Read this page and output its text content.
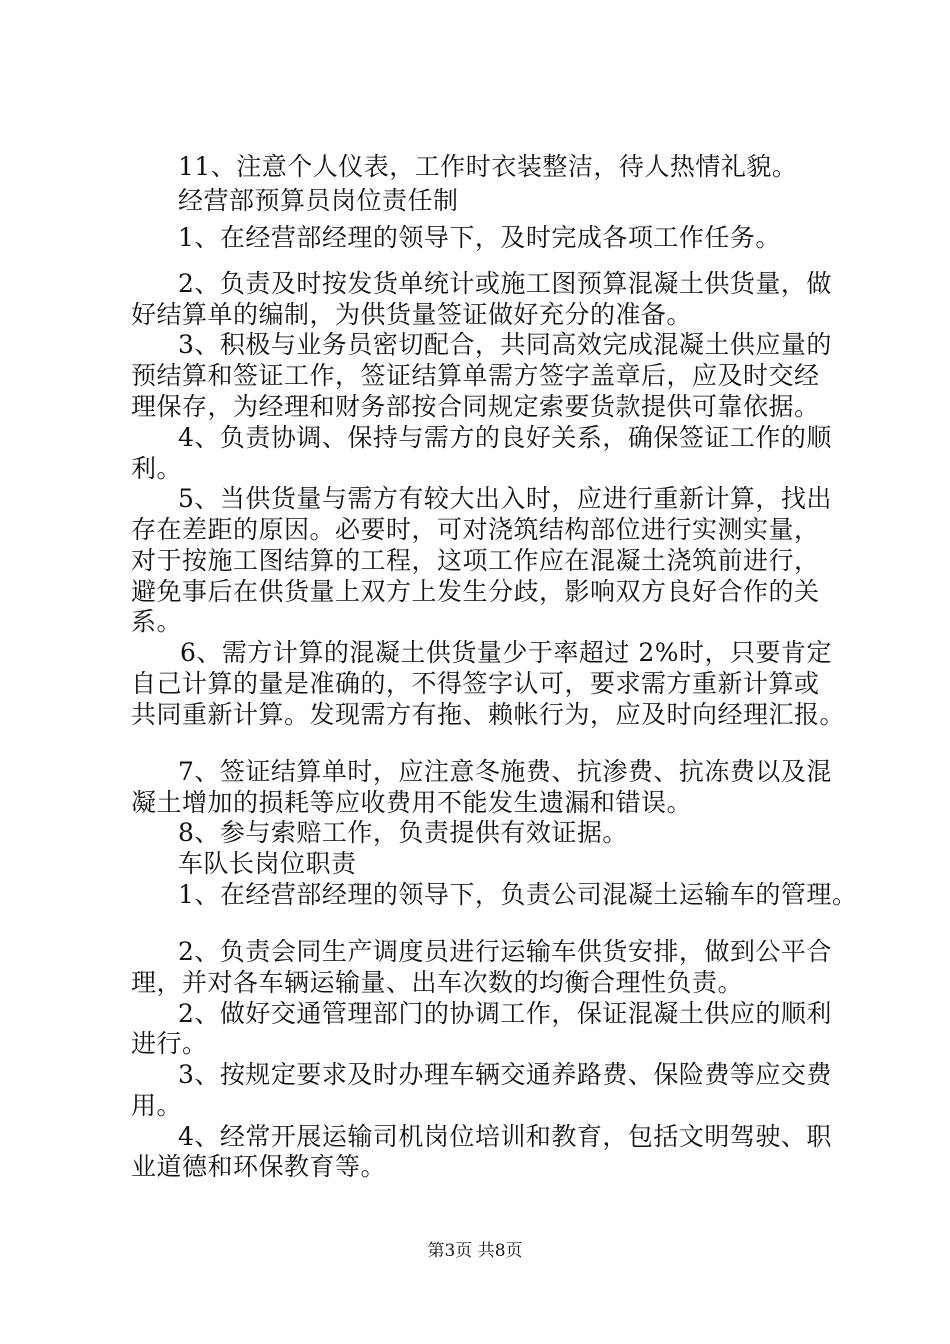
11、注意个人仪表，工作时衣装整洁，待人热情礼貌。
经营部预算员岗位责任制
1、在经营部经理的领导下，及时完成各项工作任务。
2、负责及时按发货单统计或施工图预算混凝土供货量，做
好结算单的编制，为供货量签证做好充分的准备。
3、积极与业务员密切配合，共同高效完成混凝土供应量的
预结算和签证工作，签证结算单需方签字盖章后，应及时交经
理保存，为经理和财务部按合同规定索要货款提供可靠依据。
4、负责协调、保持与需方的良好关系，确保签证工作的顺
利。
5、当供货量与需方有较大出入时，应进行重新计算，找出
存在差距的原因。必要时，可对浇筑结构部位进行实测实量，
对于按施工图结算的工程，这项工作应在混凝土浇筑前进行，
避免事后在供货量上双方上发生分歧，影响双方良好合作的关
系。
6、需方计算的混凝土供货量少于率超过 2%时，只要肯定
自己计算的量是准确的，不得签字认可，要求需方重新计算或
共同重新计算。发现需方有拖、赖帐行为，应及时向经理汇报。
7、签证结算单时，应注意冬施费、抗渗费、抗冻费以及混
凝土增加的损耗等应收费用不能发生遗漏和错误。
8、参与索赔工作，负责提供有效证据。
车队长岗位职责
1、在经营部经理的领导下，负责公司混凝土运输车的管理。
2、负责会同生产调度员进行运输车供货安排，做到公平合
理，并对各车辆运输量、出车次数的均衡合理性负责。
2、做好交通管理部门的协调工作，保证混凝土供应的顺利
进行。
3、按规定要求及时办理车辆交通养路费、保险费等应交费
用。
4、经常开展运输司机岗位培训和教育，包括文明驾驶、职
业道德和环保教育等。
第3页 共8页
